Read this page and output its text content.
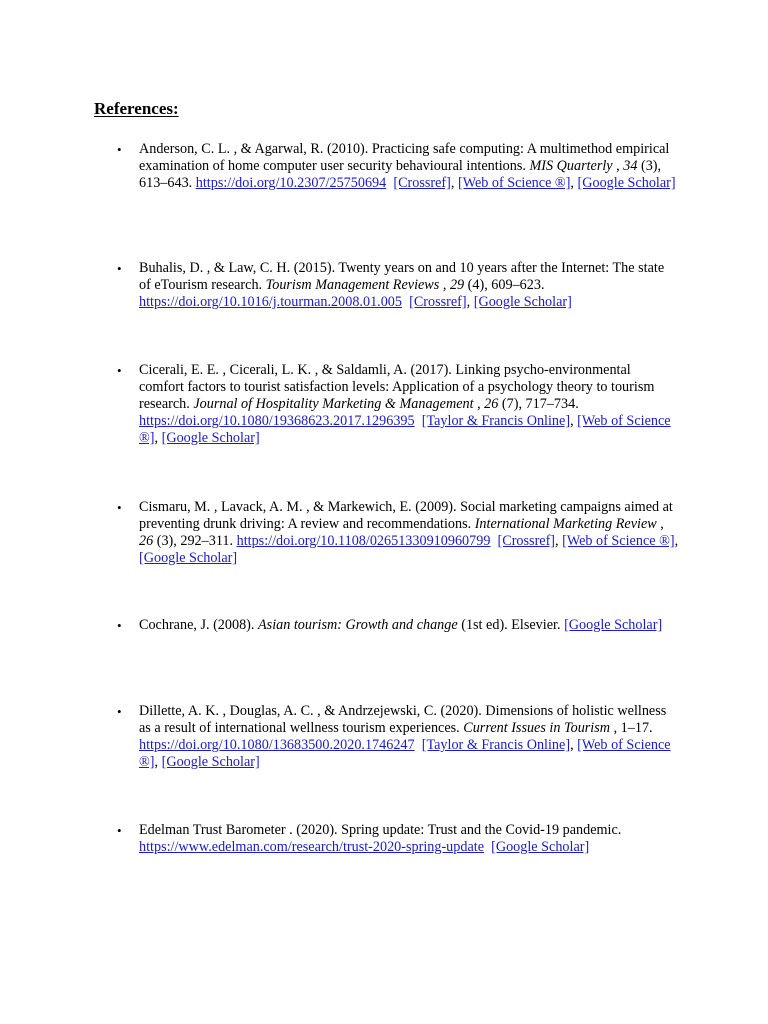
References:
• Anderson, C. L. , & Agarwal, R. (2010). Practicing safe computing: A multimethod empirical examination of home computer user security behavioural intentions. MIS Quarterly , 34 (3), 613–643. https://doi.org/10.2307/25750694 [Crossref], [Web of Science ®], [Google Scholar]
• Buhalis, D. , & Law, C. H. (2015). Twenty years on and 10 years after the Internet: The state of eTourism research. Tourism Management Reviews , 29 (4), 609–623. https://doi.org/10.1016/j.tourman.2008.01.005 [Crossref], [Google Scholar]
• Cicerali, E. E. , Cicerali, L. K. , & Saldamli, A. (2017). Linking psycho-environmental comfort factors to tourist satisfaction levels: Application of a psychology theory to tourism research. Journal of Hospitality Marketing & Management , 26 (7), 717–734. https://doi.org/10.1080/19368623.2017.1296395 [Taylor & Francis Online], [Web of Science ®], [Google Scholar]
• Cismaru, M. , Lavack, A. M. , & Markewich, E. (2009). Social marketing campaigns aimed at preventing drunk driving: A review and recommendations. International Marketing Review , 26 (3), 292–311. https://doi.org/10.1108/02651330910960799 [Crossref], [Web of Science ®], [Google Scholar]
• Cochrane, J. (2008). Asian tourism: Growth and change (1st ed). Elsevier. [Google Scholar]
• Dillette, A. K. , Douglas, A. C. , & Andrzejewski, C. (2020). Dimensions of holistic wellness as a result of international wellness tourism experiences. Current Issues in Tourism , 1–17. https://doi.org/10.1080/13683500.2020.1746247 [Taylor & Francis Online], [Web of Science ®], [Google Scholar]
• Edelman Trust Barometer . (2020). Spring update: Trust and the Covid-19 pandemic. https://www.edelman.com/research/trust-2020-spring-update [Google Scholar]
